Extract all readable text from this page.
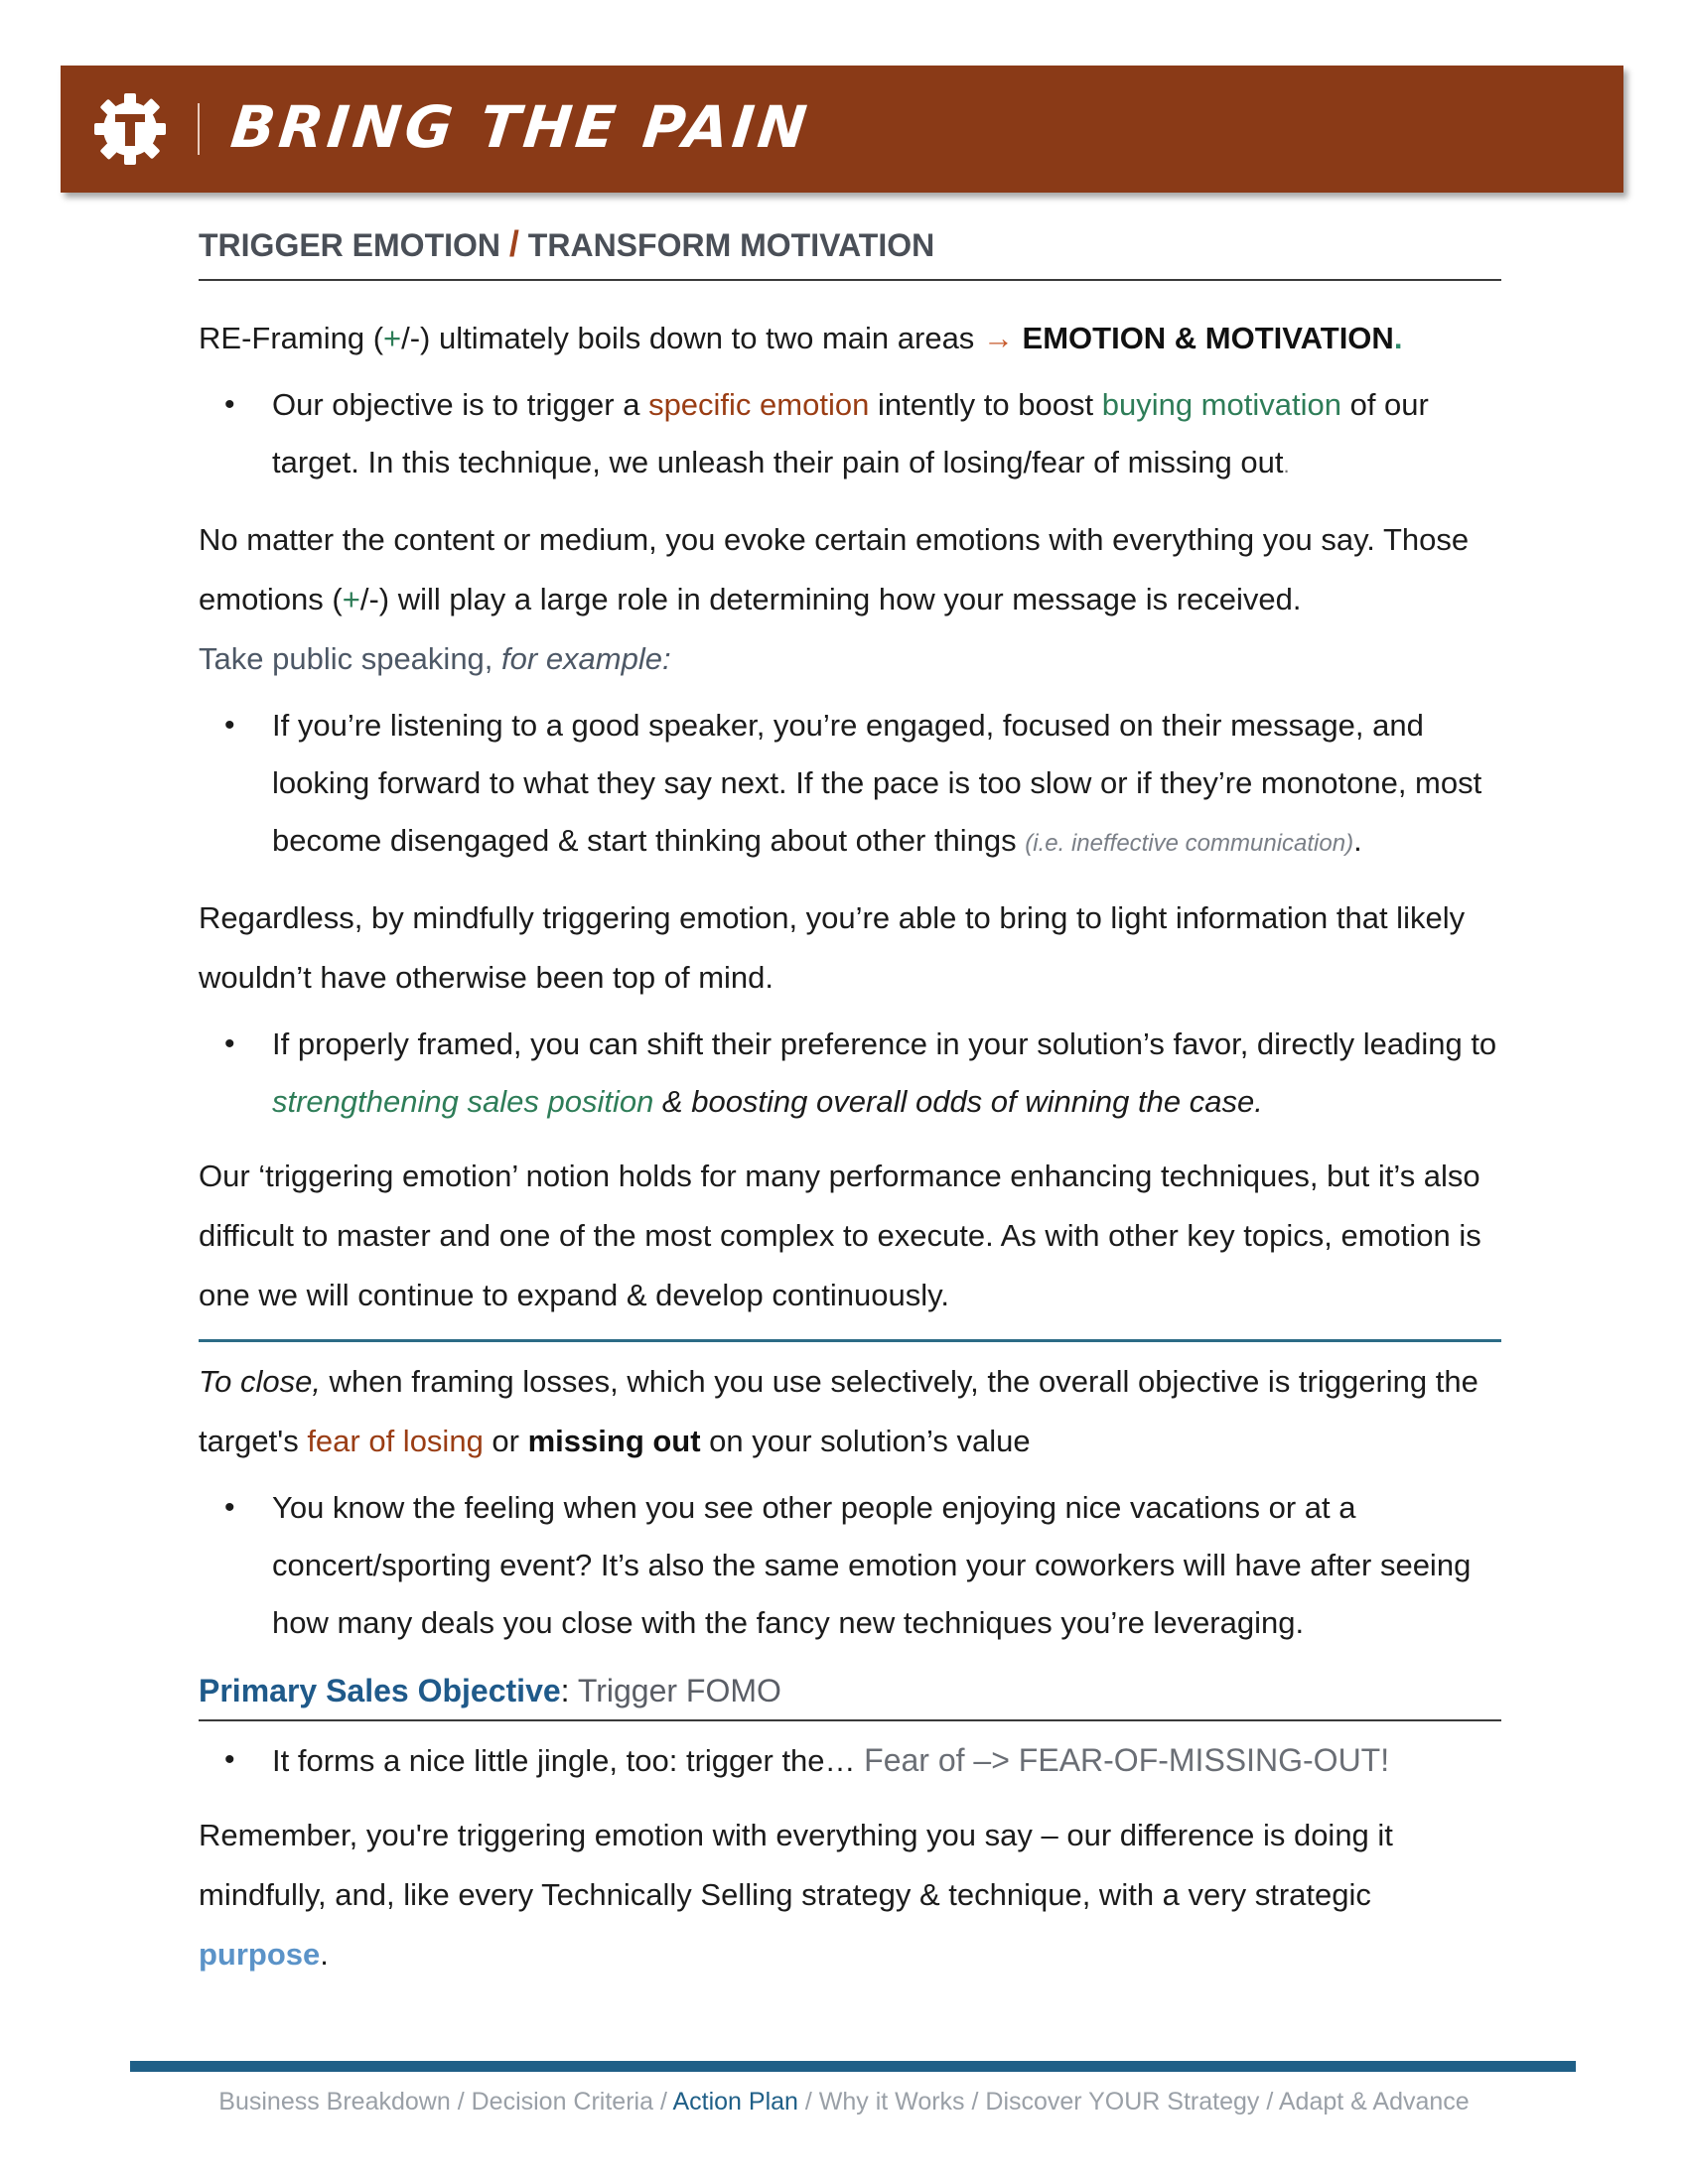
BRING THE PAIN
TRIGGER EMOTION / TRANSFORM MOTIVATION

RE-Framing (+/-) ultimately boils down to two main areas → EMOTION & MOTIVATION.

• Our objective is to trigger a specific emotion intently to boost buying motivation of our target. In this technique, we unleash their pain of losing/fear of missing out.

No matter the content or medium, you evoke certain emotions with everything you say. Those emotions (+/-) will play a large role in determining how your message is received.
Take public speaking, for example:

• If you’re listening to a good speaker, you’re engaged, focused on their message, and looking forward to what they say next. If the pace is too slow or if they’re monotone, most become disengaged & start thinking about other things (i.e. ineffective communication).

Regardless, by mindfully triggering emotion, you’re able to bring to light information that likely wouldn’t have otherwise been top of mind.

• If properly framed, you can shift their preference in your solution’s favor, directly leading to strengthening sales position & boosting overall odds of winning the case.

Our ‘triggering emotion’ notion holds for many performance enhancing techniques, but it’s also difficult to master and one of the most complex to execute. As with other key topics, emotion is one we will continue to expand & develop continuously.

To close, when framing losses, which you use selectively, the overall objective is triggering the target's fear of losing or missing out on your solution’s value

• You know the feeling when you see other people enjoying nice vacations or at a concert/sporting event? It’s also the same emotion your coworkers will have after seeing how many deals you close with the fancy new techniques you’re leveraging.
Primary Sales Objective: Trigger FOMO
• It forms a nice little jingle, too: trigger the… Fear of –> FEAR-OF-MISSING-OUT!

Remember, you're triggering emotion with everything you say – our difference is doing it mindfully, and, like every Technically Selling strategy & technique, with a very strategic purpose.

Business Breakdown / Decision Criteria / Action Plan / Why it Works / Discover YOUR Strategy / Adapt & Advance
